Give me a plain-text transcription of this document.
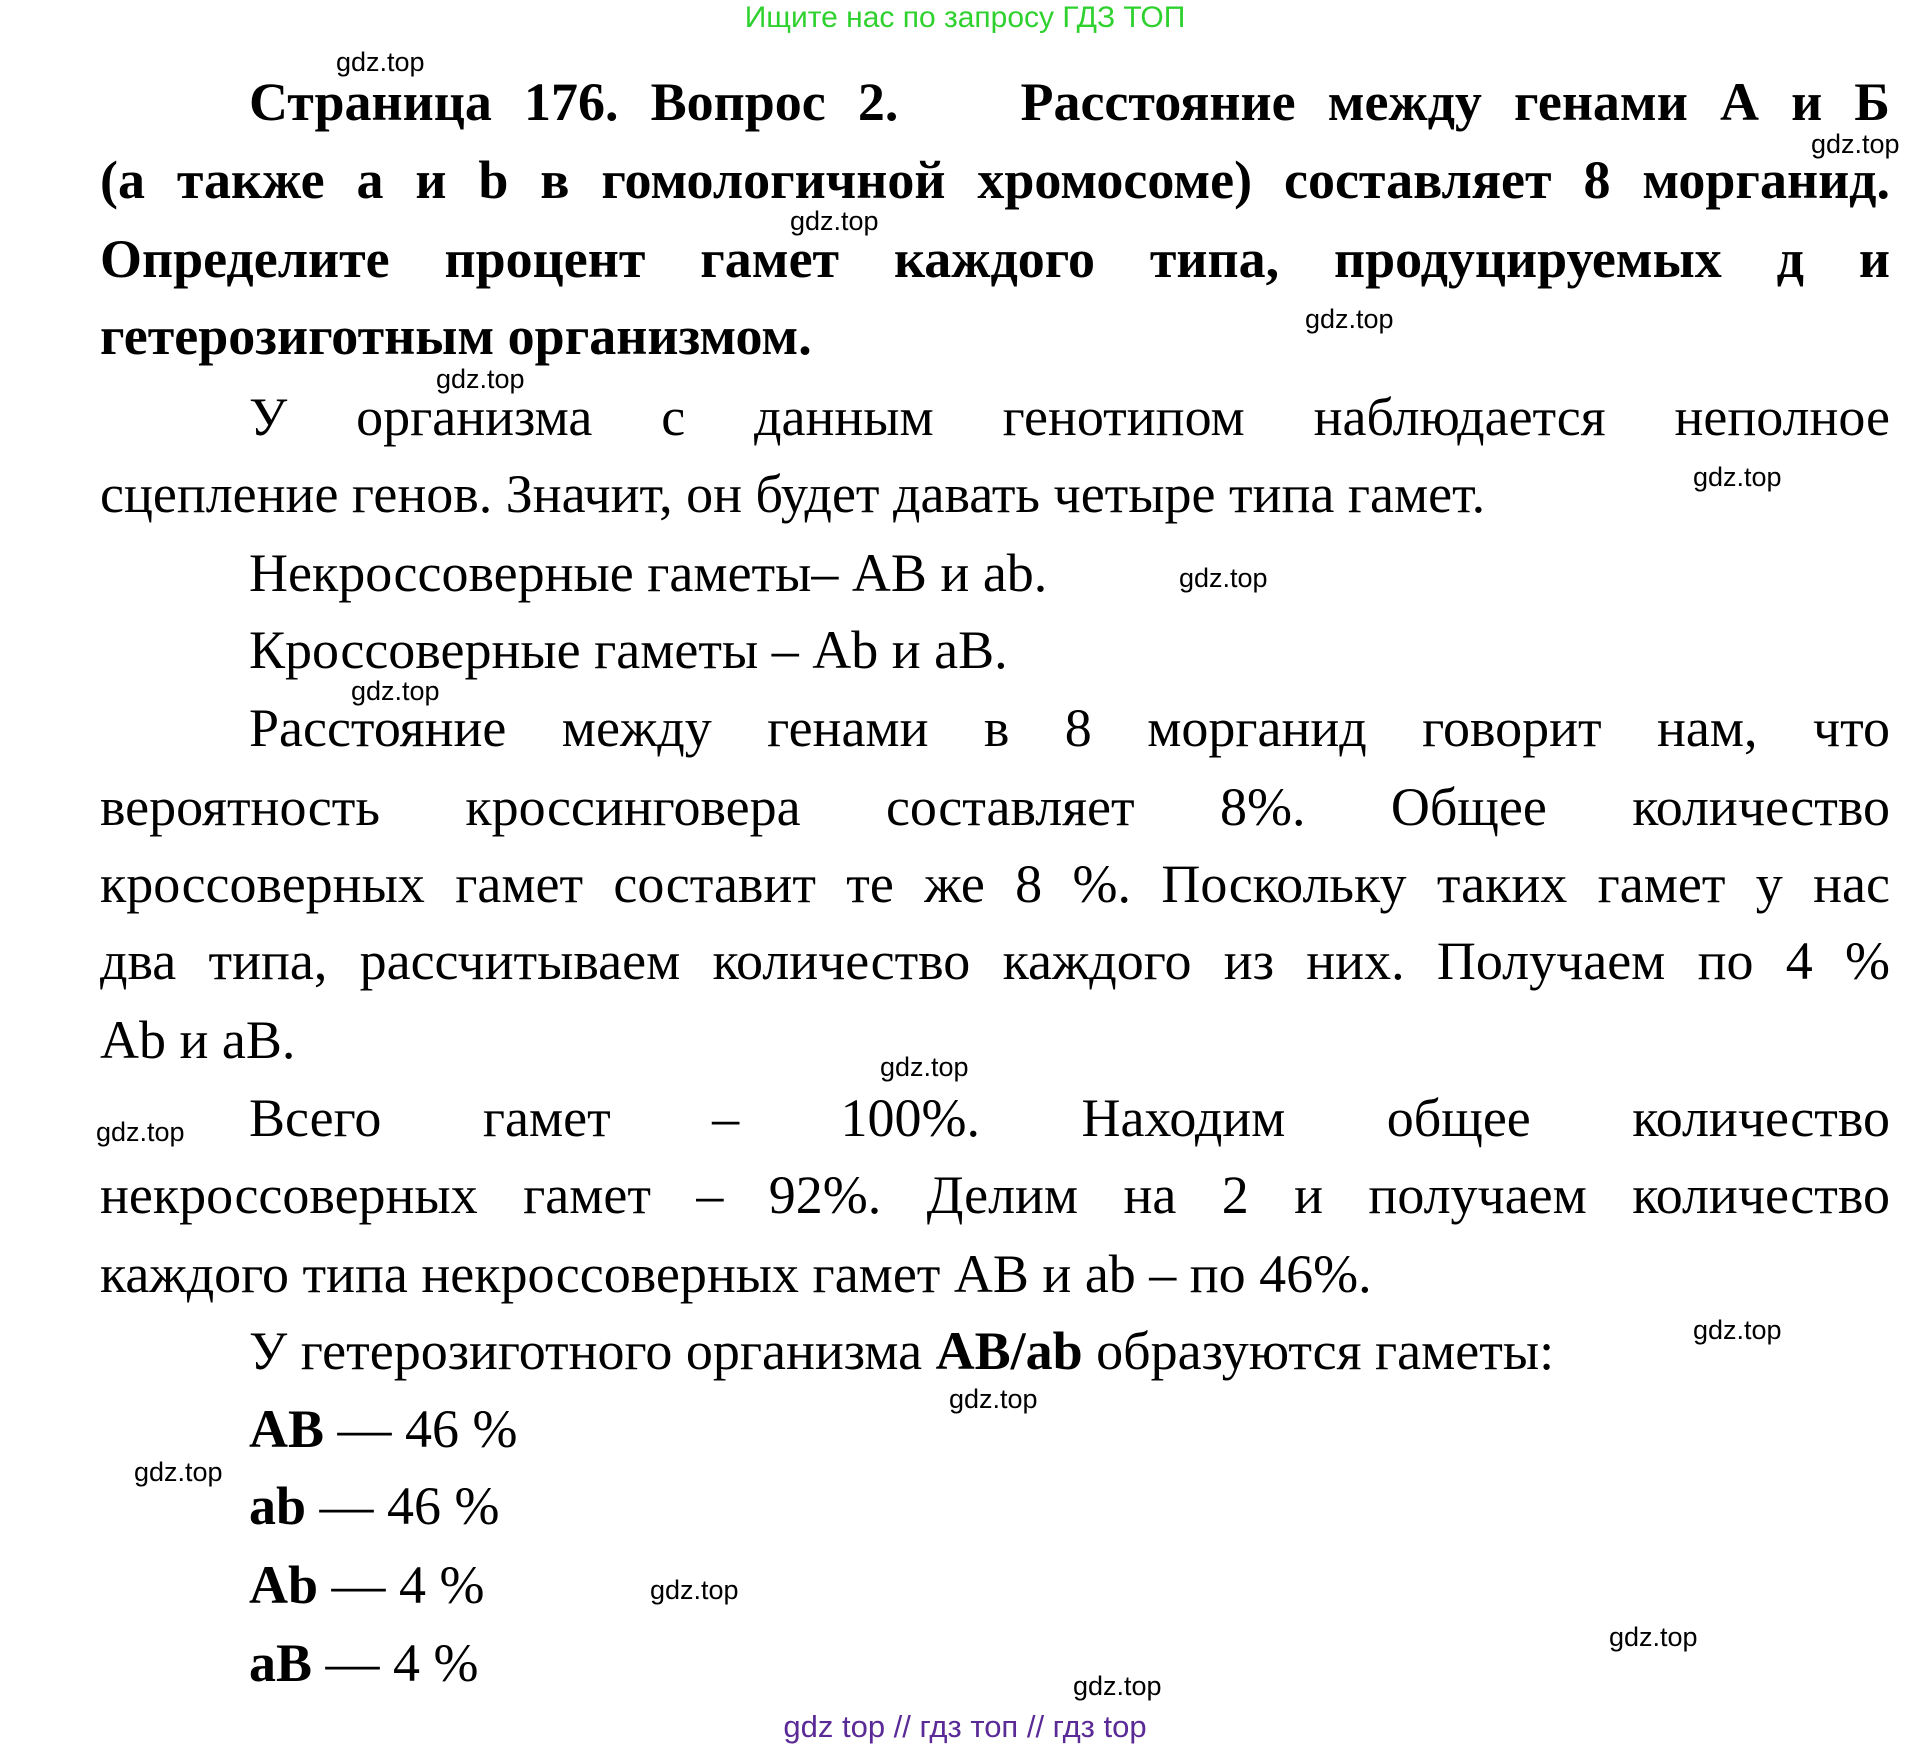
Ищите нас по запросу ГДЗ ТОП
Страница 176. Вопрос 2. Расстояние между генами А и Б
(а также a и b в гомологичной хромосоме) составляет 8 морганид.
Определите процент гамет каждого типа, продуцируемых д и
гетерозиготным организмом.
У организма с данным генотипом наблюдается неполное
сцепление генов. Значит, он будет давать четыре типа гамет.
Некроссоверные гаметы– АВ и аb.
Кроссоверные гаметы – Аb и аВ.
Расстояние между генами в 8 морганид говорит нам, что
вероятность кроссинговера составляет 8%. Общее количество
кроссоверных гамет составит те же 8 %. Поскольку таких гамет у нас
два типа, рассчитываем количество каждого из них. Получаем по 4 %
Аb и аВ.
Всего гамет – 100%. Находим общее количество
некроссоверных гамет – 92%. Делим на 2 и получаем количество
каждого типа некроссоверных гамет АВ и аb – по 46%.
У гетерозиготного организма АВ/аb образуются гаметы:
АВ — 46 %
аb — 46 %
Аb — 4 %
аВ — 4 %
gdz.top
gdz.top
gdz.top
gdz.top
gdz.top
gdz.top
gdz.top
gdz.top
gdz.top
gdz.top
gdz.top
gdz.top
gdz.top
gdz.top
gdz.top
gdz.top
gdz top // гдз топ // гдз top
